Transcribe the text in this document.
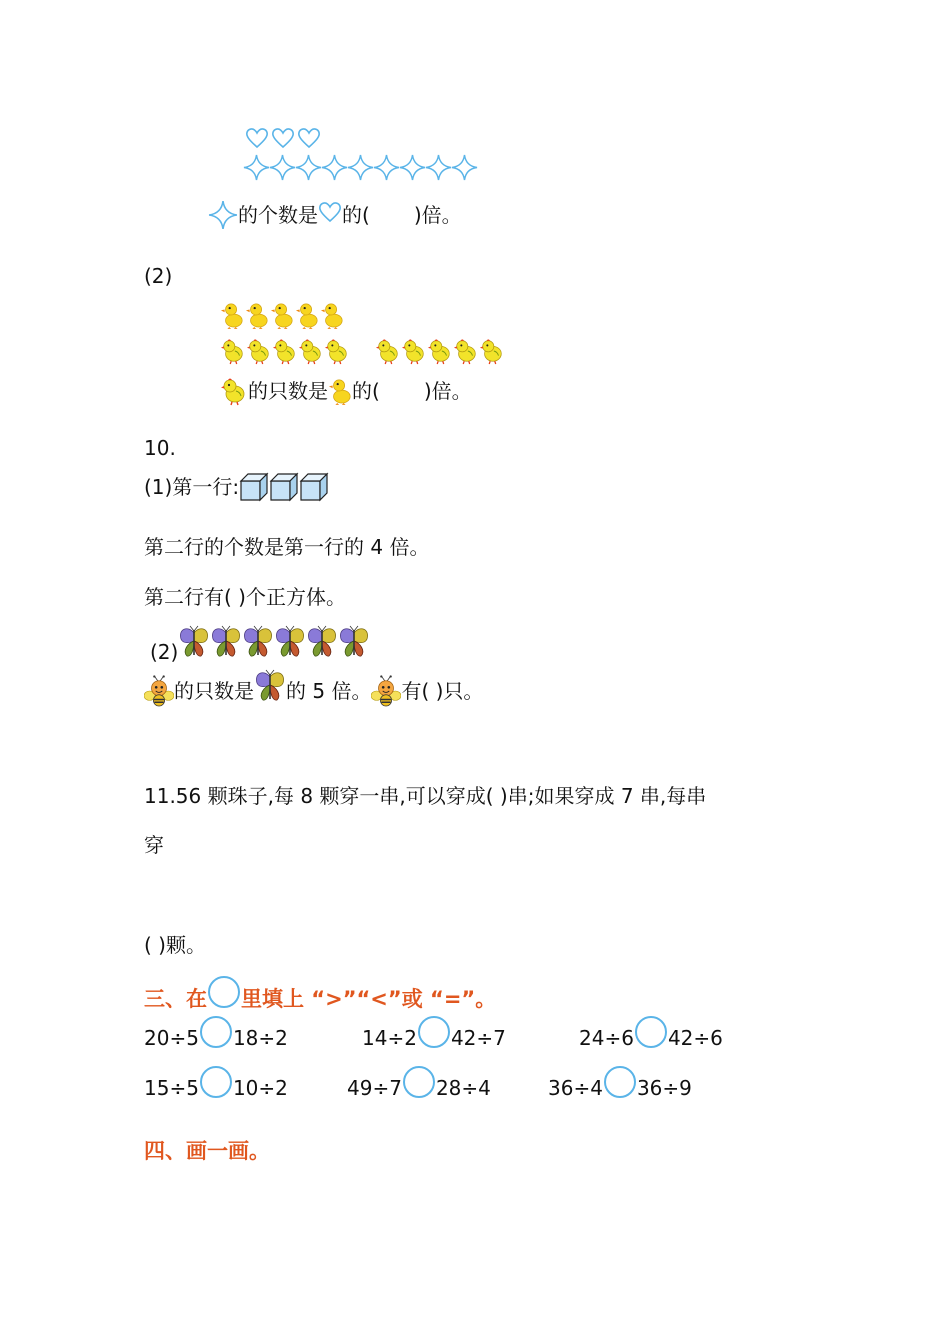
的个数是 的( )倍。
(2)

的只数是 的( )倍。
10.
(1)第一行:
第二行的个数是第一行的 4 倍。
第二行有( )个正方体。
(2)
的只数是 的 5 倍。 有( )只。
11.56 颗珠子,每 8 颗穿一串,可以穿成( )串;如果穿成 7 串,每串
穿
( )颗。
三、在 里填上 “>”“<”或 “=”。
20÷5 18÷2	14÷2 42÷7	24÷6 42÷6
15÷5 10÷2	49÷7 28÷4	36÷4 36÷9
四、画一画。
